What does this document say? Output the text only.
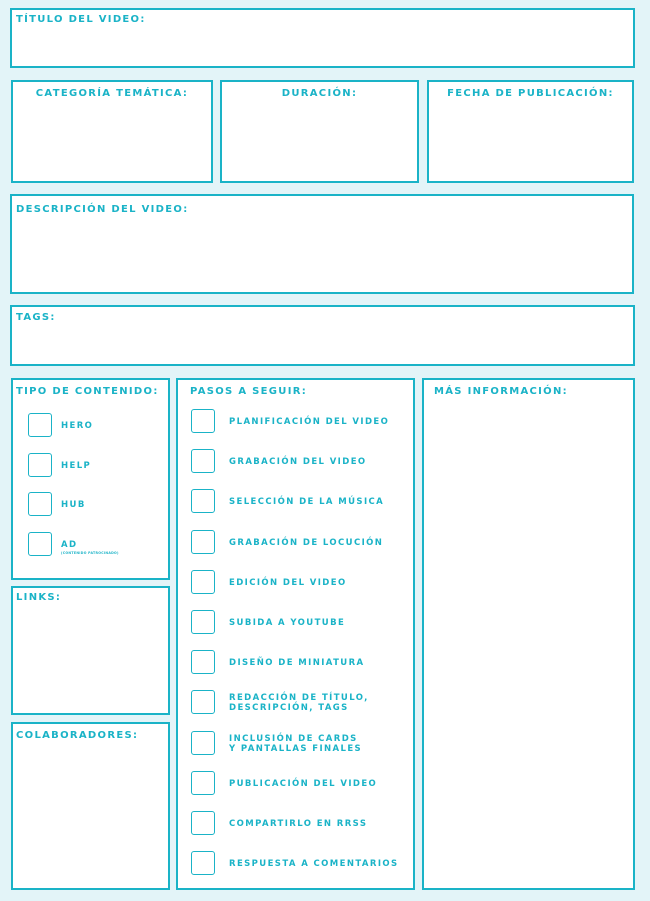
TÍTULO DEL VIDEO:
CATEGORÍA TEMÁTICA:	DURACIÓN:	FECHA DE PUBLICACIÓN:
DESCRIPCIÓN DEL VIDEO:
TAGS:
TIPO DE CONTENIDO:
HERO
HELP
HUB
AD
(CONTENIDO PATROCINADO)
LINKS:
COLABORADORES:
PASOS A SEGUIR:
PLANIFICACIÓN DEL VIDEO
GRABACIÓN DEL VIDEO
SELECCIÓN DE LA MÚSICA
GRABACIÓN DE LOCUCIÓN
EDICIÓN DEL VIDEO
SUBIDA A YOUTUBE
DISEÑO DE MINIATURA
REDACCIÓN DE TÍTULO,
DESCRIPCIÓN, TAGS
INCLUSIÓN DE CARDS
Y PANTALLAS FINALES
PUBLICACIÓN DEL VIDEO
COMPARTIRLO EN RRSS
RESPUESTA A COMENTARIOS
MÁS INFORMACIÓN:
